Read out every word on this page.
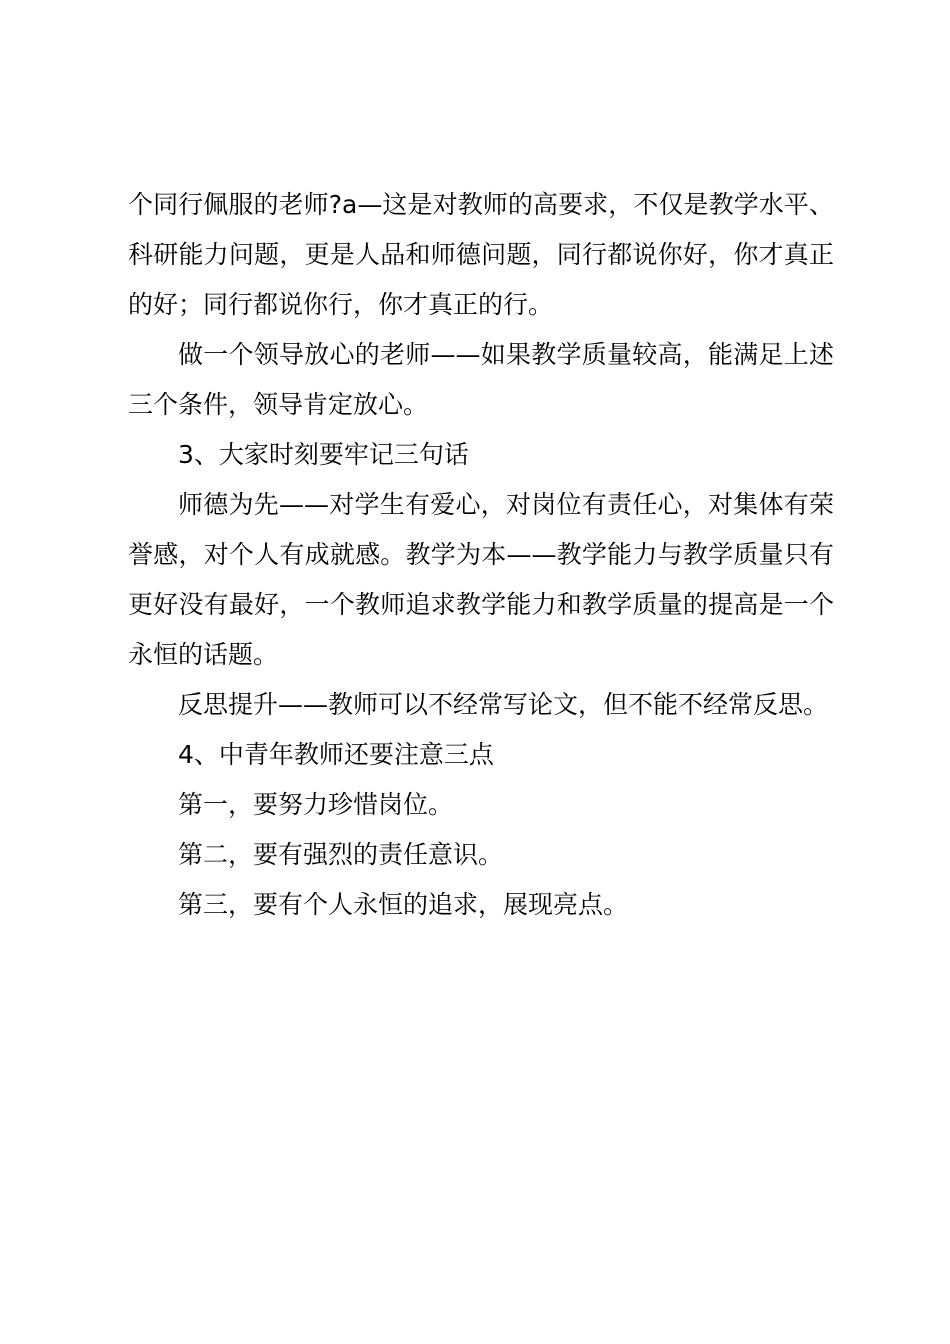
个同行佩服的老师?a—这是对教师的高要求，不仅是教学水平、科研能力问题，更是人品和师德问题，同行都说你好，你才真正的好；同行都说你行，你才真正的行。

做一个领导放心的老师——如果教学质量较高，能满足上述三个条件，领导肯定放心。

3、大家时刻要牢记三句话

师德为先——对学生有爱心，对岗位有责任心，对集体有荣誉感，对个人有成就感。教学为本——教学能力与教学质量只有更好没有最好，一个教师追求教学能力和教学质量的提高是一个永恒的话题。

反思提升——教师可以不经常写论文，但不能不经常反思。

4、中青年教师还要注意三点

第一，要努力珍惜岗位。

第二，要有强烈的责任意识。

第三，要有个人永恒的追求，展现亮点。
